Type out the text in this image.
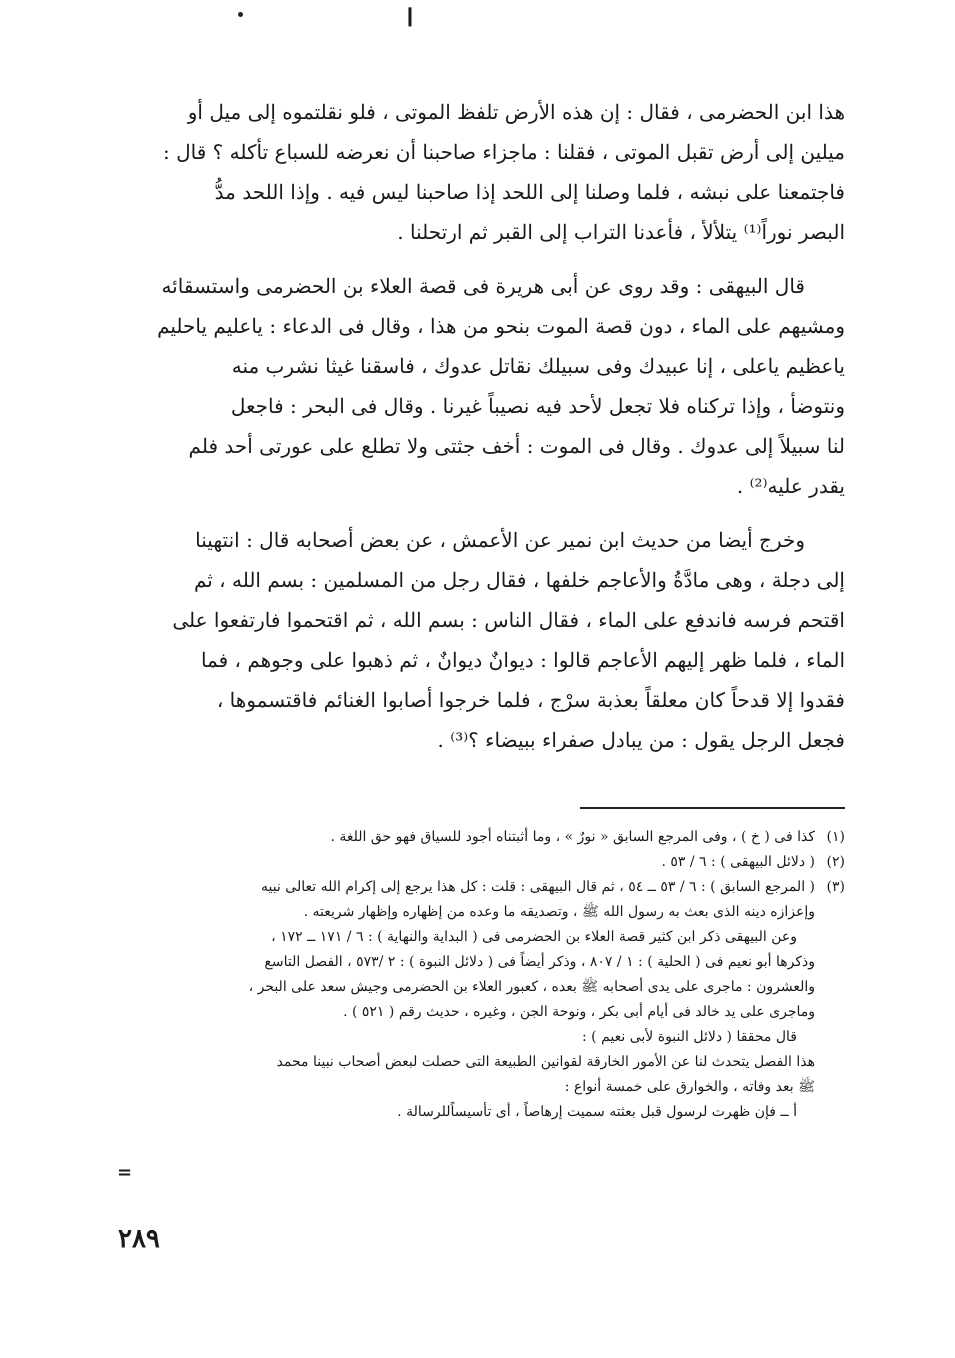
ا
هذا ابن الحضرمى ، فقال : إن هذه الأرض تلفظ الموتى ، فلو نقلتموه إلى ميل أو
ميلين إلى أرض تقبل الموتى ، فقلنا : ماجزاء صاحبنا أن نعرضه للسباع تأكله ؟ قال :
فاجتمعنا على نبشه ، فلما وصلنا إلى اللحد إذا صاحبنا ليس فيه . وإذا اللحد مدُّ
البصر نوراً⁽¹⁾ يتلألأ ، فأعدنا التراب إلى القبر ثم ارتحلنا .
قال البيهقى : وقد روى عن أبى هريرة فى قصة العلاء بن الحضرمى واستسقائه
ومشيهم على الماء ، دون قصة الموت بنحو من هذا ، وقال فى الدعاء : ياعليم ياحليم
ياعظيم ياعلى ، إنا عبيدك وفى سبيلك نقاتل عدوك ، فاسقنا غيثا نشرب منه
ونتوضأ ، وإذا تركناه فلا تجعل لأحد فيه نصيباً غيرنا . وقال فى البحر : فاجعل
لنا سبيلاً إلى عدوك . وقال فى الموت : أخف جثتى ولا تطلع على عورتى أحد فلم
يقدر عليه⁽²⁾ .
وخرج أيضا من حديث ابن نمير عن الأعمش ، عن بعض أصحابه قال : انتهينا
إلى دجلة ، وهى مادَّةُ والأعاجم خلفها ، فقال رجل من المسلمين : بسم الله ، ثم
اقتحم فرسه فاندفع على الماء ، فقال الناس : بسم الله ، ثم اقتحموا فارتفعوا على
الماء ، فلما ظهر إليهم الأعاجم قالوا : ديوانٌ ديوانٌ ، ثم ذهبوا على وجوهم ، فما
فقدوا إلا قدحاً كان معلقاً بعذبة سرْج ، فلما خرجوا أصابوا الغنائم فاقتسموها ،
فجعل الرجل يقول : من يبادل صفراء ببيضاء ؟⁽³⁾ .
(١)
كذا فى ( خ ) ، وفى المرجع السابق « نورٌ » ، وما أثبتناه أجود للسياق فهو حق اللغة .
(٢)
( دلائل البيهقى ) : ٦ / ٥٣ .
(٣)
( المرجع السابق ) : ٦ / ٥٣ ــ ٥٤ ، ثم قال البيهقى : قلت : كل هذا يرجع إلى إكرام الله تعالى نبيه
وإعزازه دينه الذى بعث به رسول الله ﷺ ، وتصديقه ما وعده من إظهاره وإظهار شريعته .
وعن البيهقى ذكر ابن كثير قصة العلاء بن الحضرمى فى ( البداية والنهاية ) : ٦ / ١٧١ ــ ١٧٢ ،
وذكرها أبو نعيم فى ( الحلية ) : ١ / ٨٠٧ ، وذكر أيضاً فى ( دلائل النبوة ) : ٢ /٥٧٣ ، الفصل التاسع
والعشرون : ماجرى على يدى أصحابه ﷺ بعده ، كعبور العلاء بن الحضرمى وجيش سعد على البحر ،
وماجرى على يد خالد فى أيام أبى بكر ، ونوحة الجن ، وغيره ، حديث رقم ( ٥٢١ ) .
قال محققا ( دلائل النبوة لأبى نعيم ) :
هذا الفصل يتحدث لنا عن الأمور الخارقة لقوانين الطبيعة التى حصلت لبعض أصحاب نبينا محمد
ﷺ بعد وفاته ، والخوارق على خمسة أنواع :
أ ــ فإن ظهرت لرسول قبل بعثته سميت إرهاصاً ، أى تأسيساًللرسالة .
=
٢٨٩
